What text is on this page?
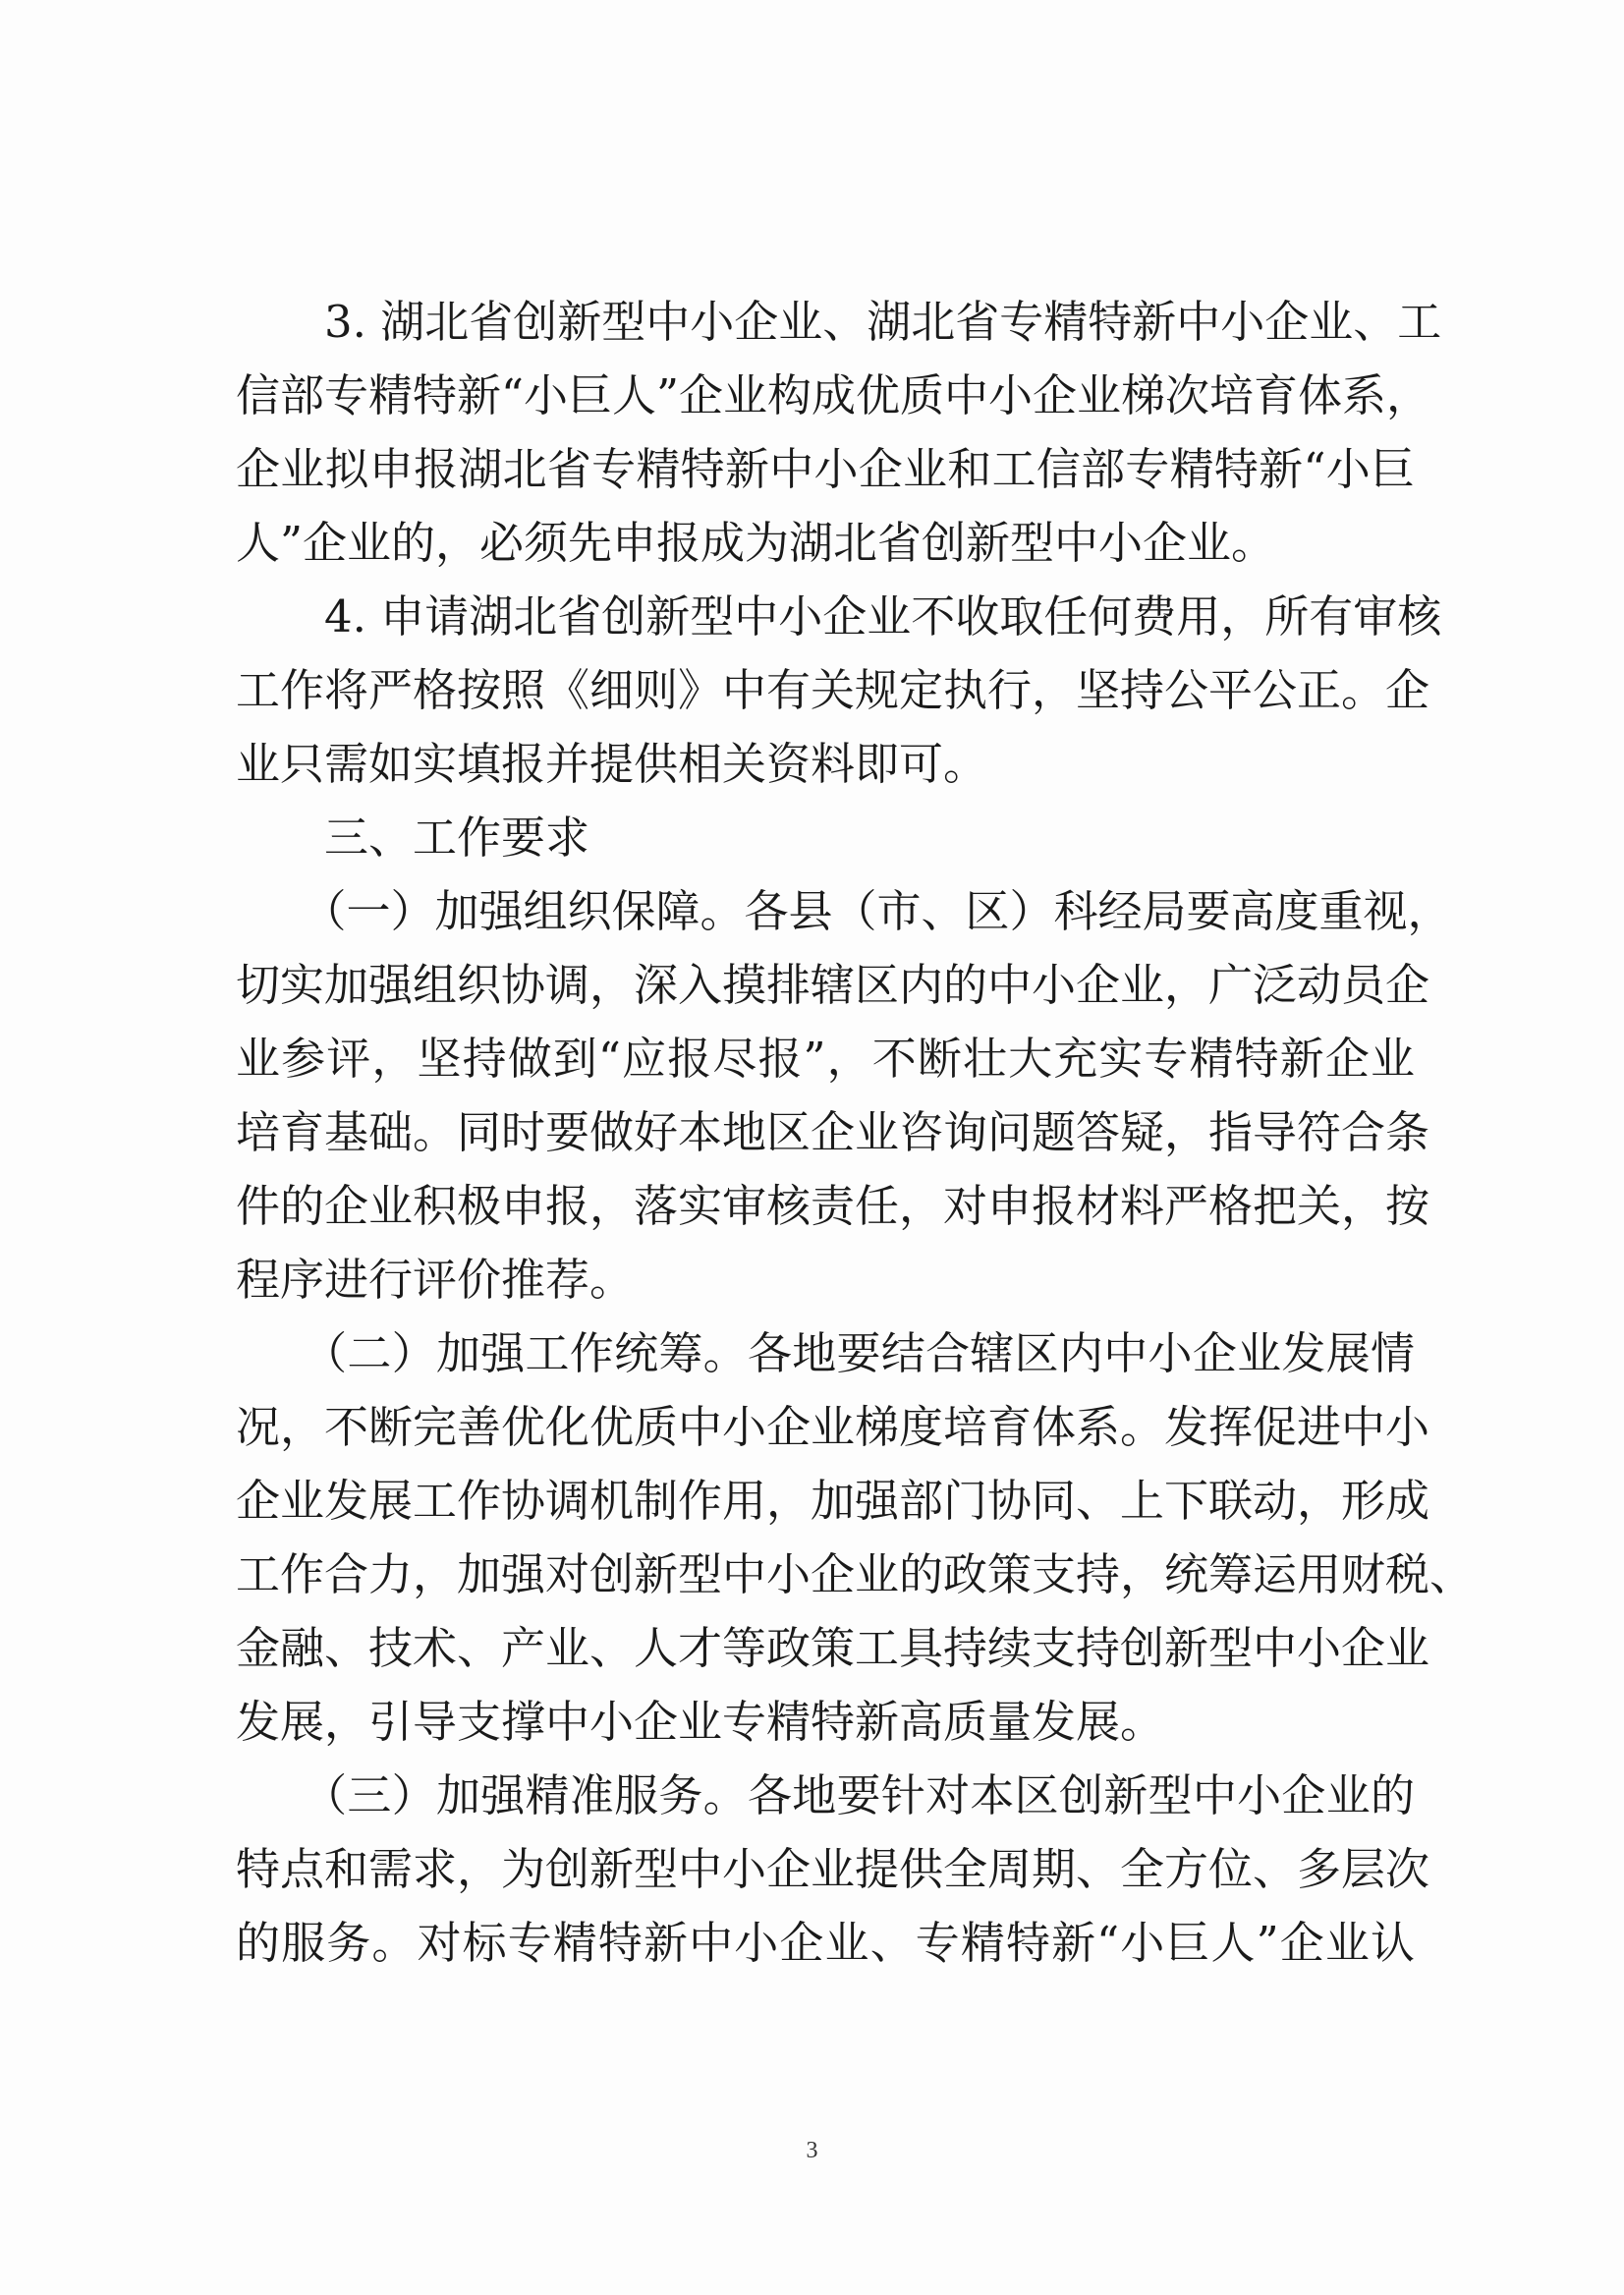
　　3. 湖北省创新型中小企业、湖北省专精特新中小企业、工
信部专精特新“小巨人”企业构成优质中小企业梯次培育体系，
企业拟申报湖北省专精特新中小企业和工信部专精特新“小巨
人”企业的，必须先申报成为湖北省创新型中小企业。
　　4. 申请湖北省创新型中小企业不收取任何费用，所有审核
工作将严格按照《细则》中有关规定执行，坚持公平公正。企
业只需如实填报并提供相关资料即可。
　　三、工作要求
　　（一）加强组织保障。各县（市、区）科经局要高度重视，
切实加强组织协调，深入摸排辖区内的中小企业，广泛动员企
业参评，坚持做到“应报尽报”，不断壮大充实专精特新企业
培育基础。同时要做好本地区企业咨询问题答疑，指导符合条
件的企业积极申报，落实审核责任，对申报材料严格把关，按
程序进行评价推荐。
　　（二）加强工作统筹。各地要结合辖区内中小企业发展情
况，不断完善优化优质中小企业梯度培育体系。发挥促进中小
企业发展工作协调机制作用，加强部门协同、上下联动，形成
工作合力，加强对创新型中小企业的政策支持，统筹运用财税、
金融、技术、产业、人才等政策工具持续支持创新型中小企业
发展，引导支撑中小企业专精特新高质量发展。
　　（三）加强精准服务。各地要针对本区创新型中小企业的
特点和需求，为创新型中小企业提供全周期、全方位、多层次
的服务。对标专精特新中小企业、专精特新“小巨人”企业认
3
